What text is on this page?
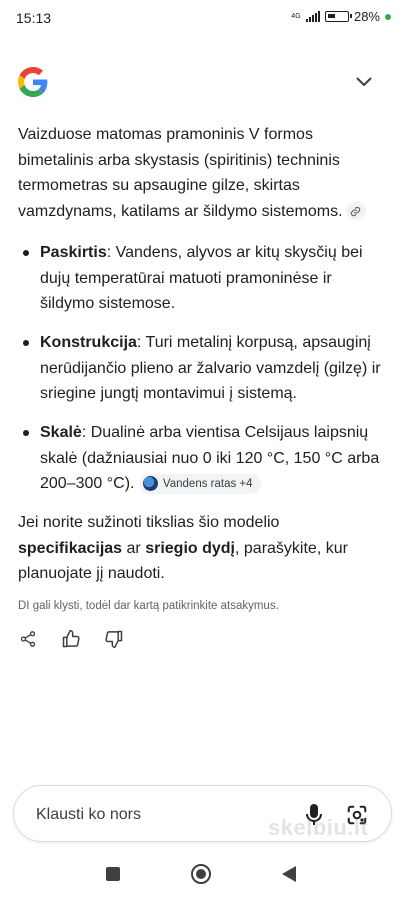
15:13	4G	28%

Vaizduose matomas pramoninis V formos bimetalinis arba skystasis (spiritinis) techninis termometras su apsaugine gilze, skirtas vamzdynams, katilams ar šildymo sistemoms.

Paskirtis: Vandens, alyvos ar kitų skysčių bei dujų temperatūrai matuoti pramoninėse ir šildymo sistemose.
Konstrukcija: Turi metalinį korpusą, apsauginį nerūdijančio plieno ar žalvario vamzdelį (gilzę) ir sriegine jungtį montavimui į sistemą.
Skalė: Dualinė arba vientisa Celsijaus laipsnių skalė (dažniausiai nuo 0 iki 120 °C, 150 °C arba 200–300 °C). Vandens ratas +4

Jei norite sužinoti tikslias šio modelio specifikacijas ar sriegio dydį, parašykite, kur planuojate jį naudoti.

DI gali klysti, todėl dar kartą patikrinkite atsakymus.

Klausti ko nors
skelbiu.lt
